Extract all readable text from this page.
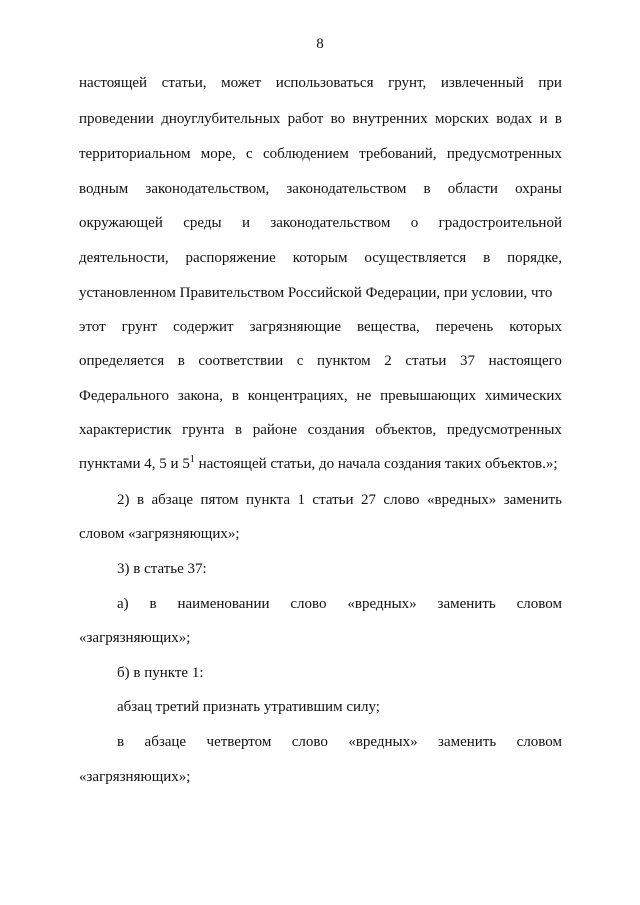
8
настоящей статьи, может использоваться грунт, извлеченный при
проведении дноуглубительных работ во внутренних морских водах и в
территориальном море, с соблюдением требований, предусмотренных
водным законодательством, законодательством в области охраны
окружающей среды и законодательством о градостроительной
деятельности, распоряжение которым осуществляется в порядке,
установленном Правительством Российской Федерации, при условии, что
этот грунт содержит загрязняющие вещества, перечень которых
определяется в соответствии с пунктом 2 статьи 37 настоящего
Федерального закона, в концентрациях, не превышающих химических
характеристик грунта в районе создания объектов, предусмотренных
пунктами 4, 5 и $5^1$ настоящей статьи, до начала создания таких объектов.»;
2) в абзаце пятом пункта 1 статьи 27 слово «вредных» заменить
словом «загрязняющих»;
3) в статье 37:
а) в наименовании слово «вредных» заменить словом
«загрязняющих»;
б) в пункте 1:
абзац третий признать утратившим силу;
в абзаце четвертом слово «вредных» заменить словом
«загрязняющих»;
